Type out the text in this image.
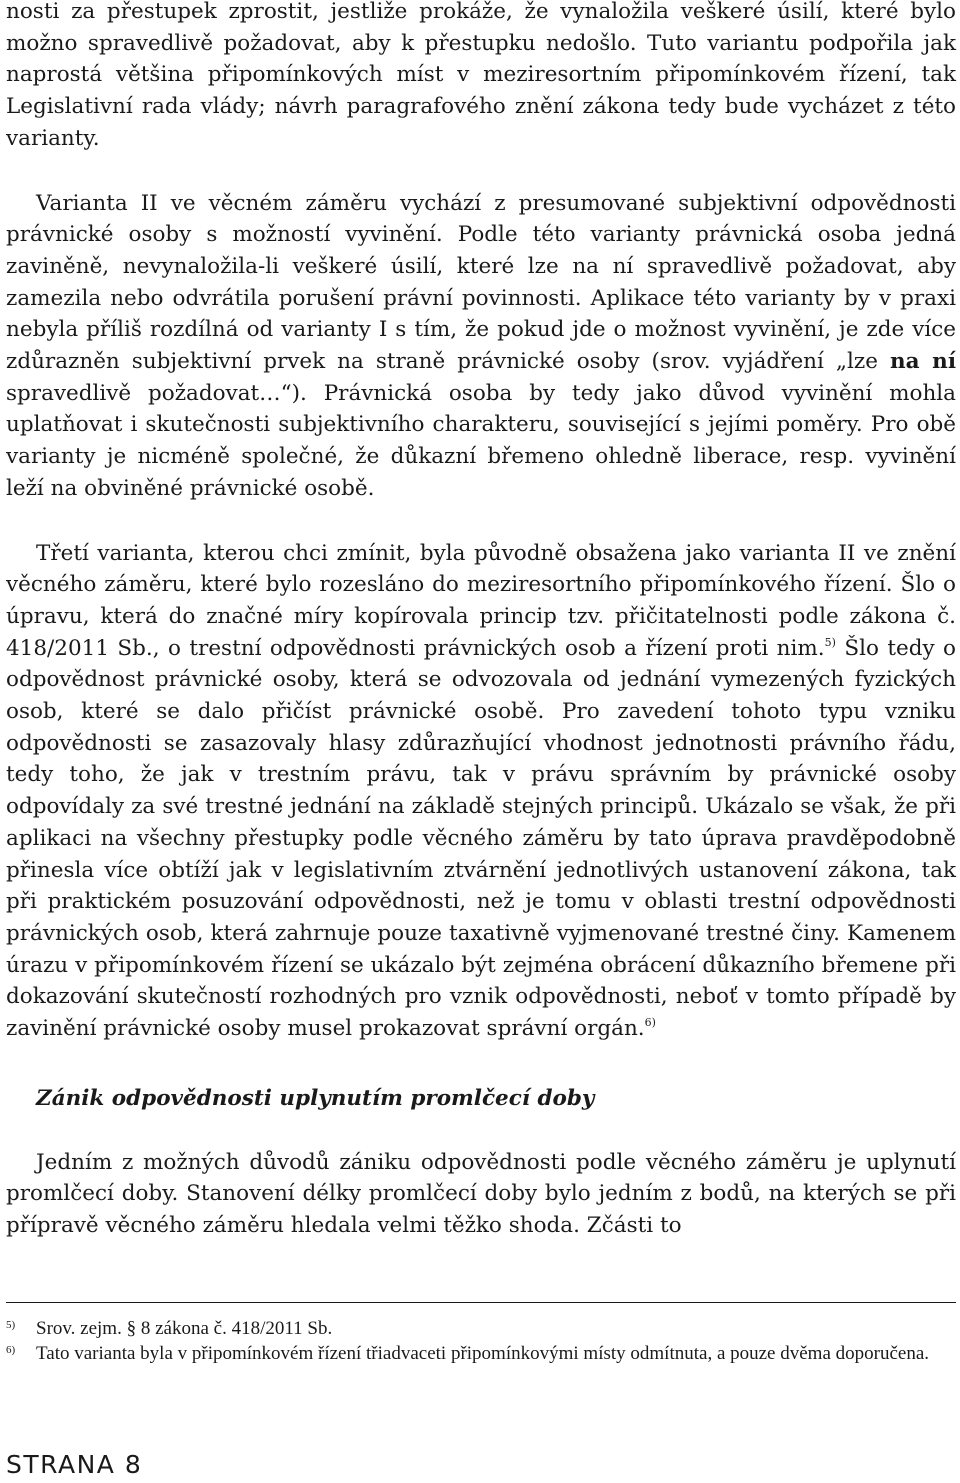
nosti za přestupek zprostit, jestliže prokáže, že vynaložila veškeré úsilí, které bylo možno spravedlivě požadovat, aby k přestupku nedošlo. Tuto variantu podpořila jak naprostá většina připomínkových míst v meziresortním připomínkovém řízení, tak Legislativní rada vlády; návrh paragrafového znění zákona tedy bude vycházet z této varianty.

Varianta II ve věcném záměru vychází z presumované subjektivní odpovědnosti právnické osoby s možností vyvinění. Podle této varianty právnická osoba jedná zaviněně, nevynaložila-li veškeré úsilí, které lze na ní spravedlivě požadovat, aby zamezila nebo odvrátila porušení právní povinnosti. Aplikace této varianty by v praxi nebyla příliš rozdílná od varianty I s tím, že pokud jde o možnost vyvinění, je zde více zdůrazněn subjektivní prvek na straně právnické osoby (srov. vyjádření „lze na ní spravedlivě požadovat…“). Právnická osoba by tedy jako důvod vyvinění mohla uplatňovat i skutečnosti subjektivního charakteru, související s jejími poměry. Pro obě varianty je nicméně společné, že důkazní břemeno ohledně liberace, resp. vyvinění leží na obviněné právnické osobě.

Třetí varianta, kterou chci zmínit, byla původně obsažena jako varianta II ve znění věcného záměru, které bylo rozesláno do meziresortního připomínkového řízení. Šlo o úpravu, která do značné míry kopírovala princip tzv. přičitatelnosti podle zákona č. 418/2011 Sb., o trestní odpovědnosti právnických osob a řízení proti nim.$^{5)}$ Šlo tedy o odpovědnost právnické osoby, která se odvozovala od jednání vymezených fyzických osob, které se dalo přičíst právnické osobě. Pro zavedení tohoto typu vzniku odpovědnosti se zasazovaly hlasy zdůrazňující vhodnost jednotnosti právního řádu, tedy toho, že jak v trestním právu, tak v právu správním by právnické osoby odpovídaly za své trestné jednání na základě stejných principů. Ukázalo se však, že při aplikaci na všechny přestupky podle věcného záměru by tato úprava pravděpodobně přinesla více obtíží jak v legislativním ztvárnění jednotlivých ustanovení zákona, tak při praktickém posuzování odpovědnosti, než je tomu v oblasti trestní odpovědnosti právnických osob, která zahrnuje pouze taxativně vyjmenované trestné činy. Kamenem úrazu v připomínkovém řízení se ukázalo být zejména obrácení důkazního břemene při dokazování skutečností rozhodných pro vznik odpovědnosti, neboť v tomto případě by zavinění právnické osoby musel prokazovat správní orgán.$^{6)}$

Zánik odpovědnosti uplynutím promlčecí doby

Jedním z možných důvodů zániku odpovědnosti podle věcného záměru je uplynutí promlčecí doby. Stanovení délky promlčecí doby bylo jedním z bodů, na kterých se při přípravě věcného záměru hledala velmi těžko shoda. Zčásti to

5)	Srov. zejm. § 8 zákona č. 418/2011 Sb.
6)	Tato varianta byla v připomínkovém řízení třiadvaceti připomínkovými místy odmítnuta, a pouze dvěma doporučena.
STRANA 8
